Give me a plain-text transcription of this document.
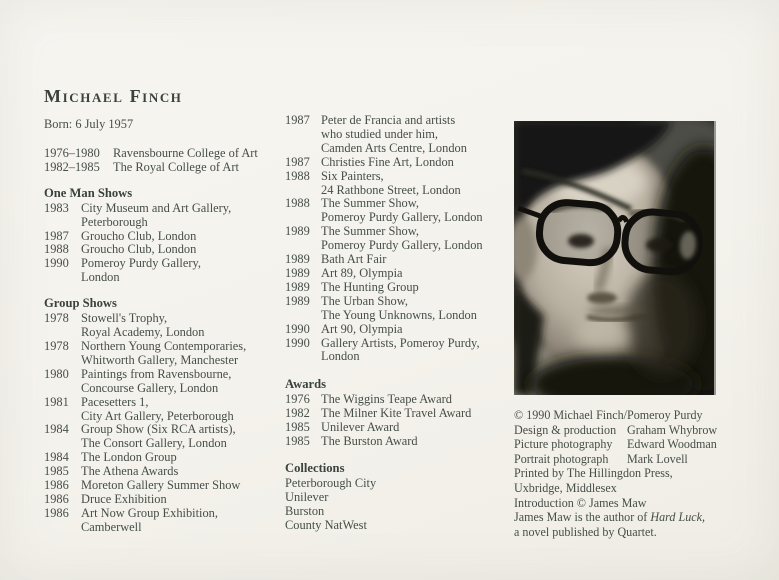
Michael Finch

Born: 6 July 1957

1976–1980	Ravensbourne College of Art
1982–1985	The Royal College of Art
One Man Shows
1983 City Museum and Art Gallery,
Peterborough
1987 Groucho Club, London
1988 Groucho Club, London
1990 Pomeroy Purdy Gallery,
London
Group Shows
1978 Stowell's Trophy,
Royal Academy, London
1978 Northern Young Contemporaries,
Whitworth Gallery, Manchester
1980 Paintings from Ravensbourne,
Concourse Gallery, London
1981 Pacesetters 1,
City Art Gallery, Peterborough
1984 Group Show (Six RCA artists),
The Consort Gallery, London
1984 The London Group
1985 The Athena Awards
1986 Moreton Gallery Summer Show
1986 Druce Exhibition
1986 Art Now Group Exhibition,
Camberwell
1987 Peter de Francia and artists
who studied under him,
Camden Arts Centre, London
1987 Christies Fine Art, London
1988 Six Painters,
24 Rathbone Street, London
1988 The Summer Show,
Pomeroy Purdy Gallery, London
1989 The Summer Show,
Pomeroy Purdy Gallery, London
1989 Bath Art Fair
1989 Art 89, Olympia
1989 The Hunting Group
1989 The Urban Show,
The Young Unknowns, London
1990 Art 90, Olympia
1990 Gallery Artists, Pomeroy Purdy,
London
Awards
1976 The Wiggins Teape Award
1982 The Milner Kite Travel Award
1985 Unilever Award
1985 The Burston Award
Collections
Peterborough City
Unilever
Burston
County NatWest
© 1990 Michael Finch/Pomeroy Purdy
Design & production Graham Whybrow
Picture photography	Edward Woodman
Portrait photograph	Mark Lovell
Printed by The Hillingdon Press,
Uxbridge, Middlesex
Introduction © James Maw
James Maw is the author of Hard Luck,
a novel published by Quartet.
